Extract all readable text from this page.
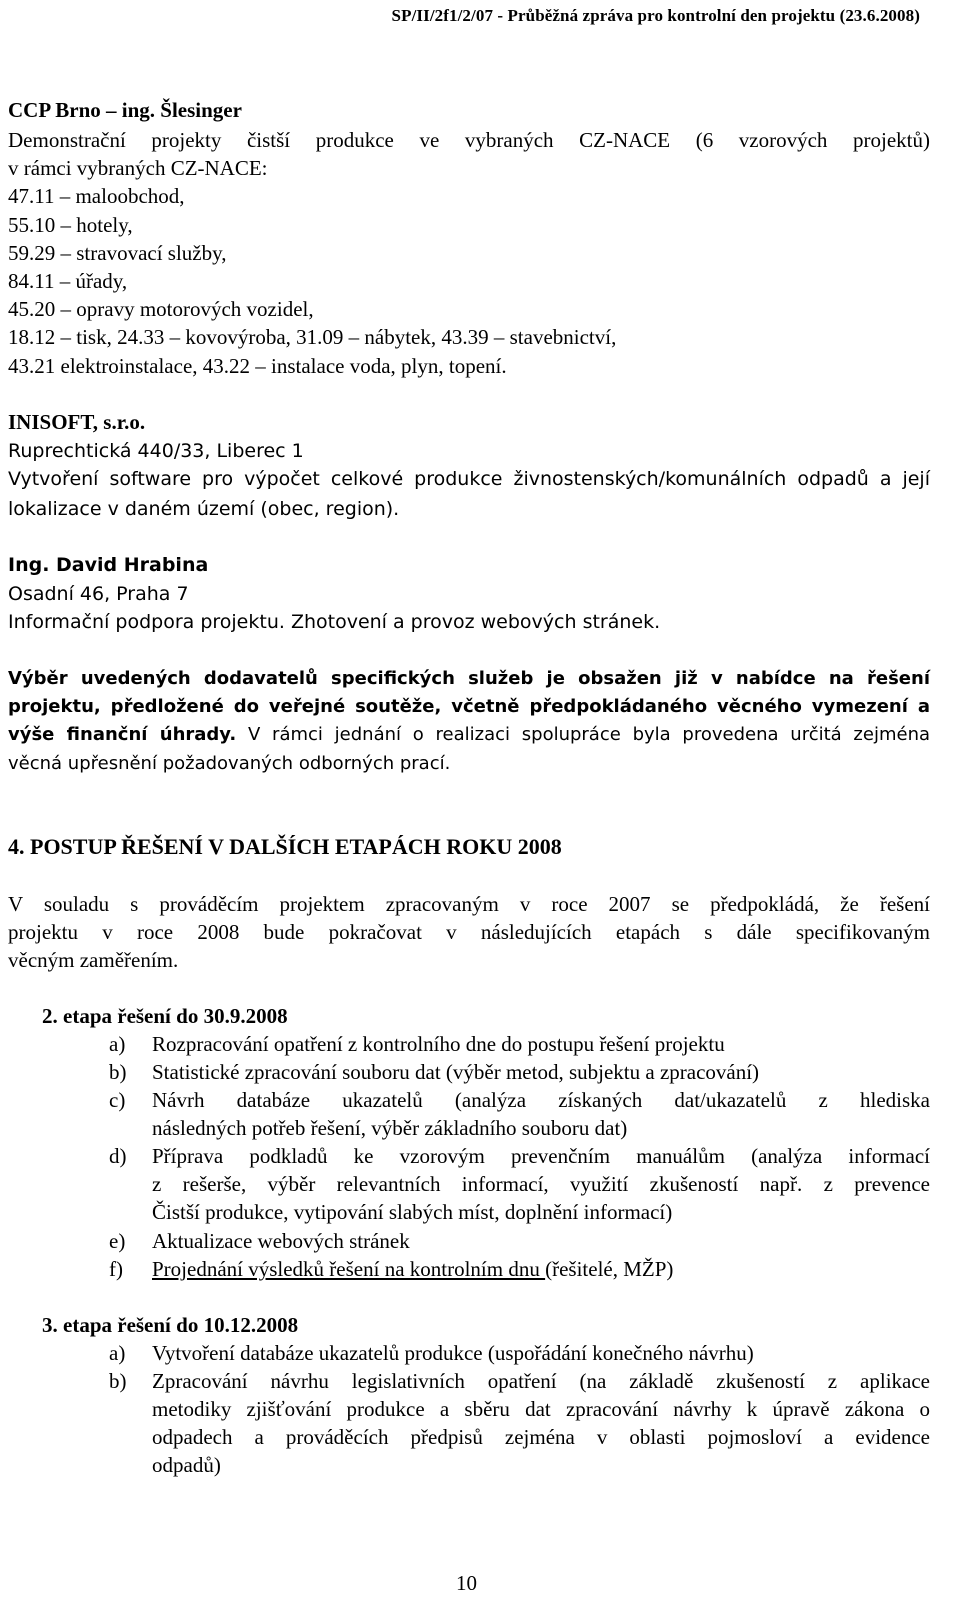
SP/II/2f1/2/07 - Průběžná zpráva pro kontrolní den projektu (23.6.2008)
CCP Brno – ing. Šlesinger
Demonstrační projekty čistší produkce ve vybraných CZ-NACE (6 vzorových projektů)
v rámci vybraných CZ-NACE:
47.11 – maloobchod,
55.10 – hotely,
59.29 – stravovací služby,
84.11 – úřady,
45.20 – opravy motorových vozidel,
18.12 – tisk, 24.33 – kovovýroba, 31.09 – nábytek, 43.39 – stavebnictví,
43.21 elektroinstalace, 43.22 – instalace voda, plyn, topení.
INISOFT, s.r.o.
Ruprechtická 440/33, Liberec 1
Vytvoření software pro výpočet celkové produkce živnostenských/komunálních odpadů a její
lokalizace v daném území (obec, region).
Ing. David Hrabina
Osadní 46, Praha 7
Informační podpora projektu. Zhotovení a provoz webových stránek.
Výběr uvedených dodavatelů specifických služeb je obsažen již v nabídce na řešení
projektu, předložené do veřejné soutěže, včetně předpokládaného věcného vymezení a
výše finanční úhrady. V rámci jednání o realizaci spolupráce byla provedena určitá zejména
věcná upřesnění požadovaných odborných prací.
4. POSTUP ŘEŠENÍ V DALŠÍCH ETAPÁCH ROKU 2008
V souladu s prováděcím projektem zpracovaným v roce 2007 se předpokládá, že řešení
projektu v roce 2008 bude pokračovat v následujících etapách s dále specifikovaným
věcným zaměřením.
2. etapa řešení do 30.9.2008
a) Rozpracování opatření z kontrolního dne do postupu řešení projektu
b) Statistické zpracování souboru dat (výběr metod, subjektu a zpracování)
c) Návrh databáze ukazatelů (analýza získaných dat/ukazatelů z hlediska
následných potřeb řešení, výběr základního souboru dat)
d) Příprava podkladů ke vzorovým prevenčním manuálům (analýza informací
z rešerše, výběr relevantních informací, využití zkušeností např. z prevence
Čistší produkce, vytipování slabých míst, doplnění informací)
e) Aktualizace webových stránek
f) Projednání výsledků řešení na kontrolním dnu (řešitelé, MŽP)
3. etapa řešení do 10.12.2008
a) Vytvoření databáze ukazatelů produkce (uspořádání konečného návrhu)
b) Zpracování návrhu legislativních opatření (na základě zkušeností z aplikace
metodiky zjišťování produkce a sběru dat zpracování návrhy k úpravě zákona o
odpadech a prováděcích předpisů zejména v oblasti pojmosloví a evidence
odpadů)
10
